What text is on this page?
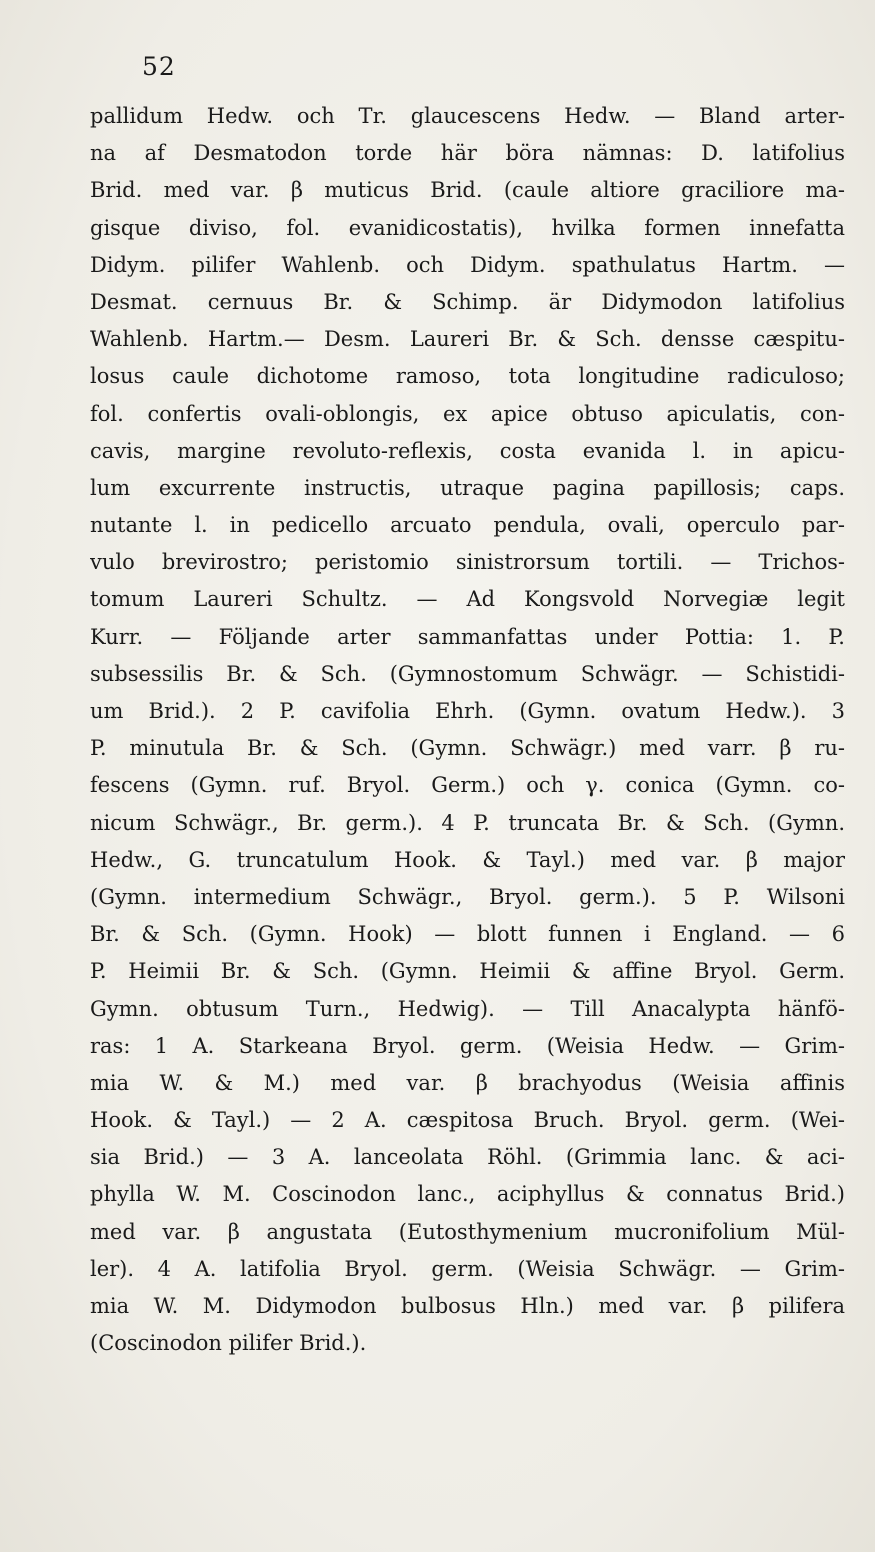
52
pallidum Hedw. och Tr. glaucescens Hedw. — Bland arter-
na af Desmatodon torde här böra nämnas: D. latifolius
Brid. med var. β muticus Brid. (caule altiore graciliore ma-
gisque diviso, fol. evanidicostatis), hvilka formen innefatta
Didym. pilifer Wahlenb. och Didym. spathulatus Hartm. —
Desmat. cernuus Br. & Schimp. är Didymodon latifolius
Wahlenb. Hartm.— Desm. Laureri Br. & Sch. densse cæspitu-
losus caule dichotome ramoso, tota longitudine radiculoso;
fol. confertis ovali-oblongis, ex apice obtuso apiculatis, con-
cavis, margine revoluto-reflexis, costa evanida l. in apicu-
lum excurrente instructis, utraque pagina papillosis; caps.
nutante l. in pedicello arcuato pendula, ovali, operculo par-
vulo brevirostro; peristomio sinistrorsum tortili. — Trichos-
tomum Laureri Schultz. — Ad Kongsvold Norvegiæ legit
Kurr. — Följande arter sammanfattas under Pottia: 1. P.
subsessilis Br. & Sch. (Gymnostomum Schwägr. — Schistidi-
um Brid.). 2 P. cavifolia Ehrh. (Gymn. ovatum Hedw.). 3
P. minutula Br. & Sch. (Gymn. Schwägr.) med varr. β ru-
fescens (Gymn. ruf. Bryol. Germ.) och γ. conica (Gymn. co-
nicum Schwägr., Br. germ.). 4 P. truncata Br. & Sch. (Gymn.
Hedw., G. truncatulum Hook. & Tayl.) med var. β major
(Gymn. intermedium Schwägr., Bryol. germ.). 5 P. Wilsoni
Br. & Sch. (Gymn. Hook) — blott funnen i England. — 6
P. Heimii Br. & Sch. (Gymn. Heimii & affine Bryol. Germ.
Gymn. obtusum Turn., Hedwig). — Till Anacalypta hänfö-
ras: 1 A. Starkeana Bryol. germ. (Weisia Hedw. — Grim-
mia W. & M.) med var. β brachyodus (Weisia affinis
Hook. & Tayl.) — 2 A. cæspitosa Bruch. Bryol. germ. (Wei-
sia Brid.) — 3 A. lanceolata Röhl. (Grimmia lanc. & aci-
phylla W. M. Coscinodon lanc., aciphyllus & connatus Brid.)
med var. β angustata (Eutosthymenium mucronifolium Mül-
ler). 4 A. latifolia Bryol. germ. (Weisia Schwägr. — Grim-
mia W. M. Didymodon bulbosus Hln.) med var. β pilifera
(Coscinodon pilifer Brid.).
